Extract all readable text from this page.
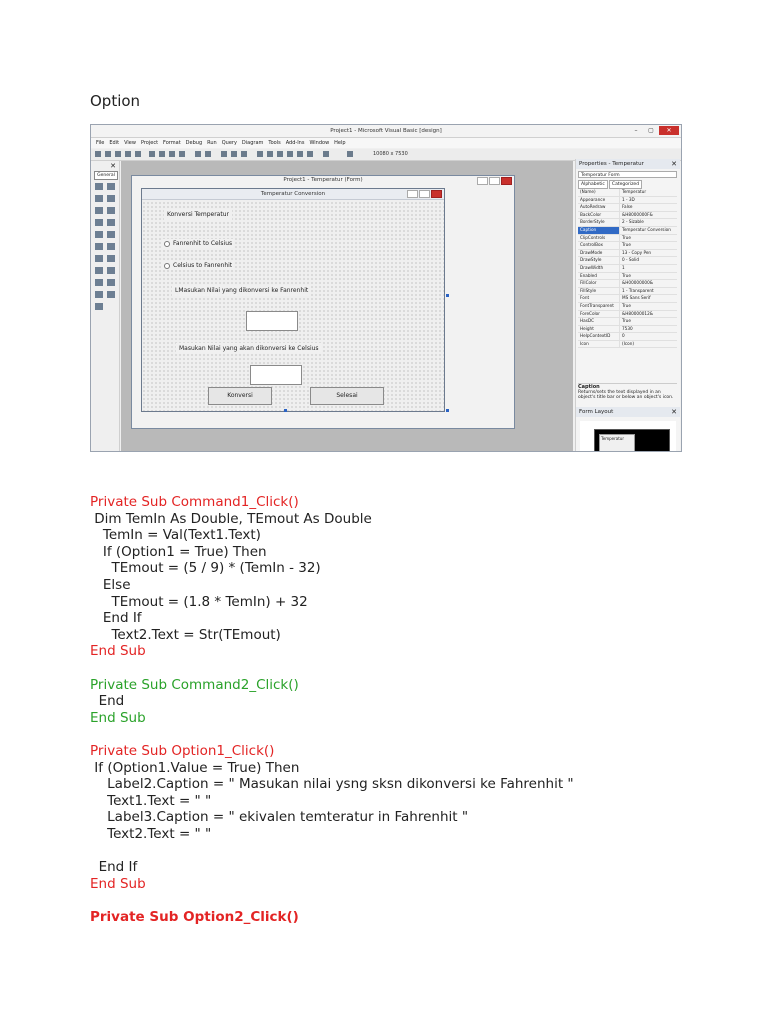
Option
Project1 - Microsoft Visual Basic [design]	–	▢	✕
File Edit View Project Format Debug Run Query Diagram Tools Add-Ins Window Help
10080 x 7530
✕
General
Project1 - Temperatur (Form)
Temperatur Conversion
Konversi Temperatur
Fanrenhit to Celsius
Celsius to Fanrenhit
LMasukan Nilai yang dikonversi ke Fanrenhit
Masukan Nilai yang akan dikonversi ke Celsius
Konversi	Selesai
Properties - Temperatur	✕
Temperatur Form
Alphabetic	Categorized
(Name)	Temperatur
Appearance	1 - 3D
AutoRedraw	False
BackColor	&H8000000F&
BorderStyle	2 - Sizable
Caption	Temperatur Conversion
ClipControls	True
ControlBox	True
DrawMode	13 - Copy Pen
DrawStyle	0 - Solid
DrawWidth	1
Enabled	True
FillColor	&H00000000&
FillStyle	1 - Transparent
Font	MS Sans Serif
FontTransparent	True
ForeColor	&H80000012&
HasDC	True
Height	7530
HelpContextID	0
Icon	(Icon)
Caption
Returns/sets the text displayed in an object's title bar or below an object's icon.
Form Layout	✕
Temperatur
Private Sub Command1_Click()
Dim TemIn As Double, TEmout As Double
TemIn = Val(Text1.Text)
If (Option1 = True) Then
TEmout = (5 / 9) * (TemIn - 32)
Else
TEmout = (1.8 * TemIn) + 32
End If
Text2.Text = Str(TEmout)
End Sub
Private Sub Command2_Click()
End
End Sub
Private Sub Option1_Click()
If (Option1.Value = True) Then
Label2.Caption = " Masukan nilai ysng sksn dikonversi ke Fahrenhit "
Text1.Text = " "
Label3.Caption = " ekivalen temteratur in Fahrenhit "
Text2.Text = " "
End If
End Sub
Private Sub Option2_Click()
